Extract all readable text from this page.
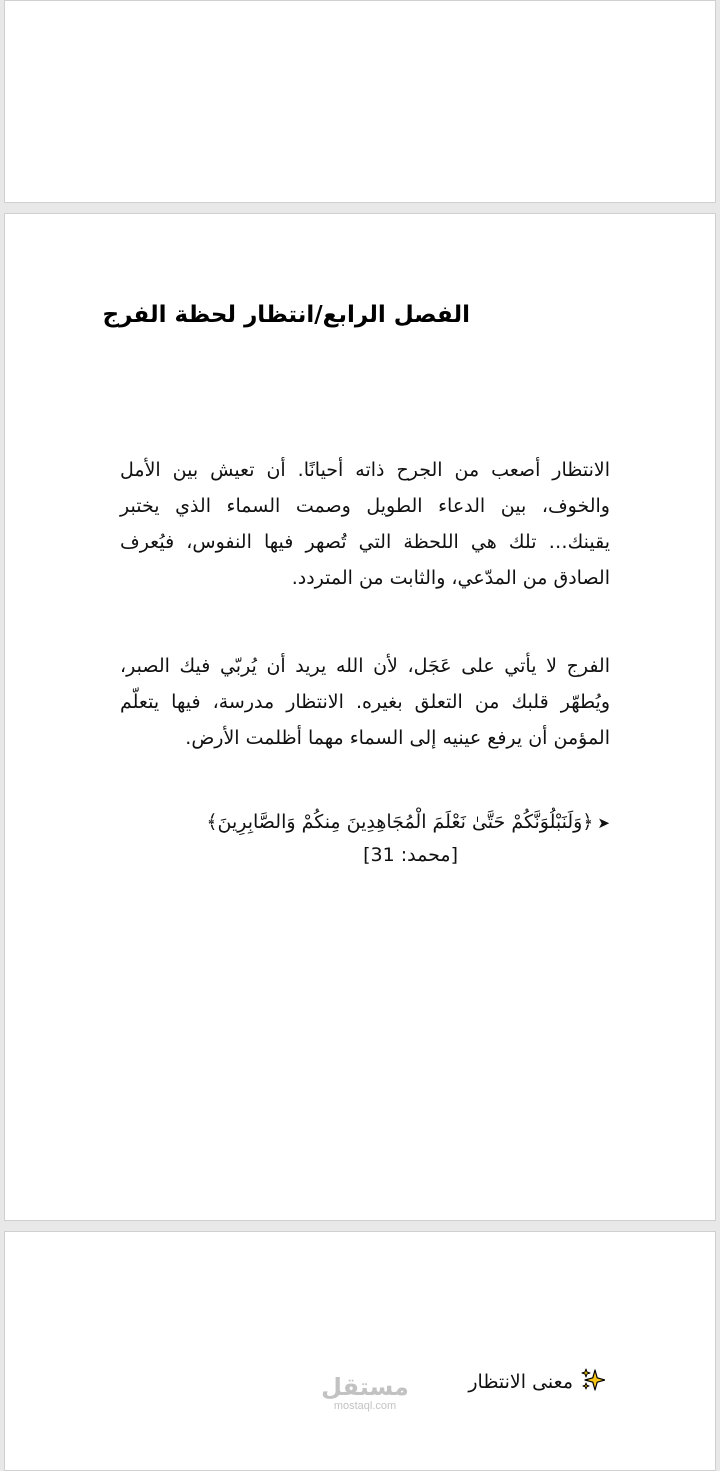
الفصل الرابع/انتظار لحظة الفرج
الانتظار أصعب من الجرح ذاته أحيانًا. أن تعيش بين الأمل والخوف، بين الدعاء الطويل وصمت السماء الذي يختبر يقينك… تلك هي اللحظة التي تُصهر فيها النفوس، فيُعرف الصادق من المدّعي، والثابت من المتردد.
الفرج لا يأتي على عَجَل، لأن الله يريد أن يُربّي فيك الصبر، ويُطهّر قلبك من التعلق بغيره. الانتظار مدرسة، فيها يتعلّم المؤمن أن يرفع عينيه إلى السماء مهما أظلمت الأرض.
➤﴿وَلَنَبْلُوَنَّكُمْ حَتَّىٰ نَعْلَمَ الْمُجَاهِدِينَ مِنكُمْ وَالصَّابِرِينَ﴾
[محمد: 31]
معنى الانتظار
مستقل
mostaql.com
